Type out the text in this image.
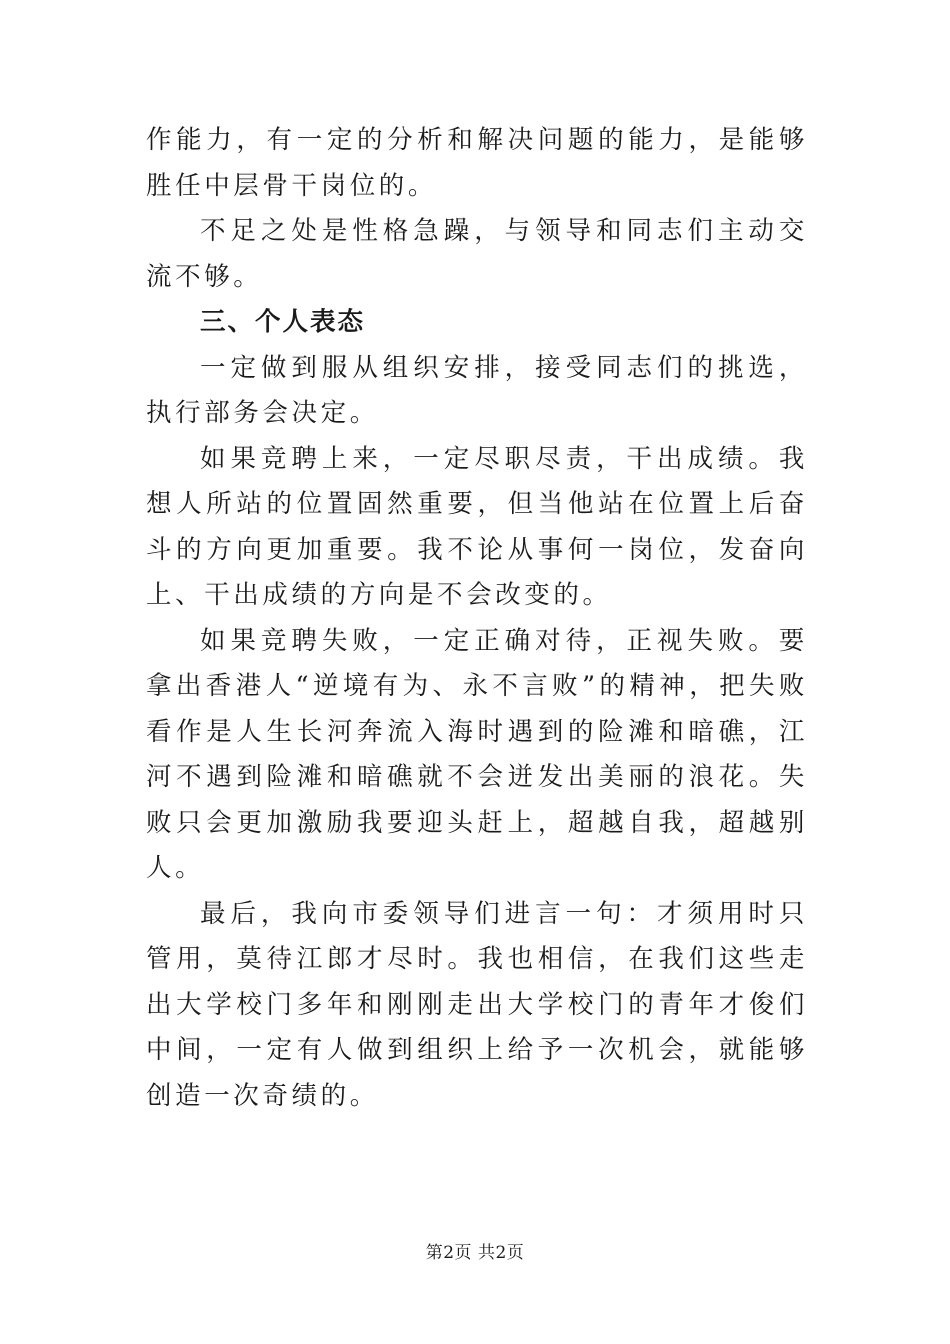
作能力，有一定的分析和解决问题的能力，是能够胜任中层骨干岗位的。

不足之处是性格急躁，与领导和同志们主动交流不够。

三、个人表态

一定做到服从组织安排，接受同志们的挑选，执行部务会决定。

如果竞聘上来，一定尽职尽责，干出成绩。我想人所站的位置固然重要，但当他站在位置上后奋斗的方向更加重要。我不论从事何一岗位，发奋向上、干出成绩的方向是不会改变的。

如果竞聘失败，一定正确对待，正视失败。要拿出香港人“逆境有为、永不言败”的精神，把失败看作是人生长河奔流入海时遇到的险滩和暗礁，江河不遇到险滩和暗礁就不会迸发出美丽的浪花。失败只会更加激励我要迎头赶上，超越自我，超越别人。

最后，我向市委领导们进言一句：才须用时只管用，莫待江郎才尽时。我也相信，在我们这些走出大学校门多年和刚刚走出大学校门的青年才俊们中间，一定有人做到组织上给予一次机会，就能够创造一次奇绩的。

第2页 共2页
